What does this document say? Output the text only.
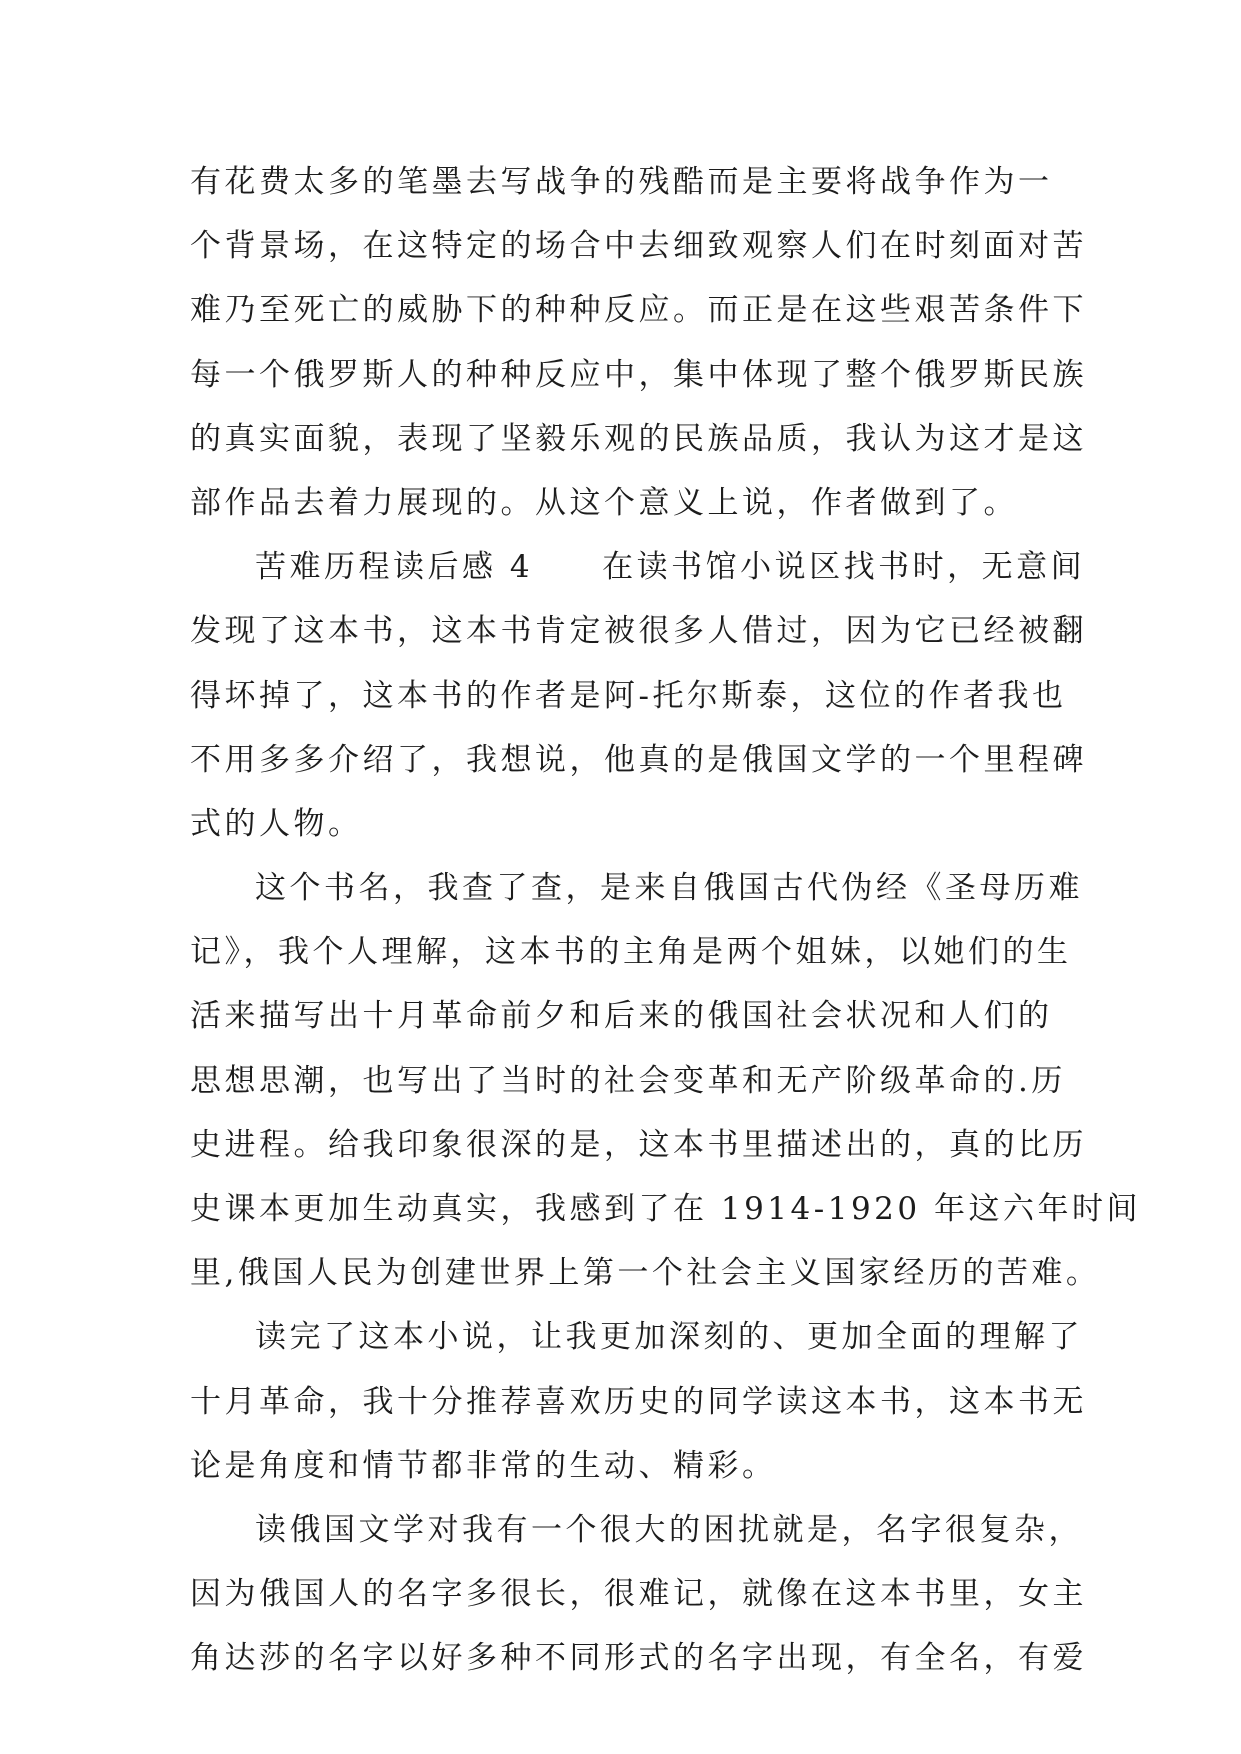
有花费太多的笔墨去写战争的残酷而是主要将战争作为一
个背景场，在这特定的场合中去细致观察人们在时刻面对苦
难乃至死亡的威胁下的种种反应。而正是在这些艰苦条件下
每一个俄罗斯人的种种反应中，集中体现了整个俄罗斯民族
的真实面貌，表现了坚毅乐观的民族品质，我认为这才是这
部作品去着力展现的。从这个意义上说，作者做到了。
苦难历程读后感 4　　在读书馆小说区找书时，无意间
发现了这本书，这本书肯定被很多人借过，因为它已经被翻
得坏掉了，这本书的作者是阿-托尔斯泰，这位的作者我也
不用多多介绍了，我想说，他真的是俄国文学的一个里程碑
式的人物。
这个书名，我查了查，是来自俄国古代伪经《圣母历难
记》，我个人理解，这本书的主角是两个姐妹，以她们的生
活来描写出十月革命前夕和后来的俄国社会状况和人们的
思想思潮，也写出了当时的社会变革和无产阶级革命的.历
史进程。给我印象很深的是，这本书里描述出的，真的比历
史课本更加生动真实，我感到了在 1914-1920 年这六年时间
里,俄国人民为创建世界上第一个社会主义国家经历的苦难。
读完了这本小说，让我更加深刻的、更加全面的理解了
十月革命，我十分推荐喜欢历史的同学读这本书，这本书无
论是角度和情节都非常的生动、精彩。
读俄国文学对我有一个很大的困扰就是，名字很复杂，
因为俄国人的名字多很长，很难记，就像在这本书里，女主
角达莎的名字以好多种不同形式的名字出现，有全名，有爱
